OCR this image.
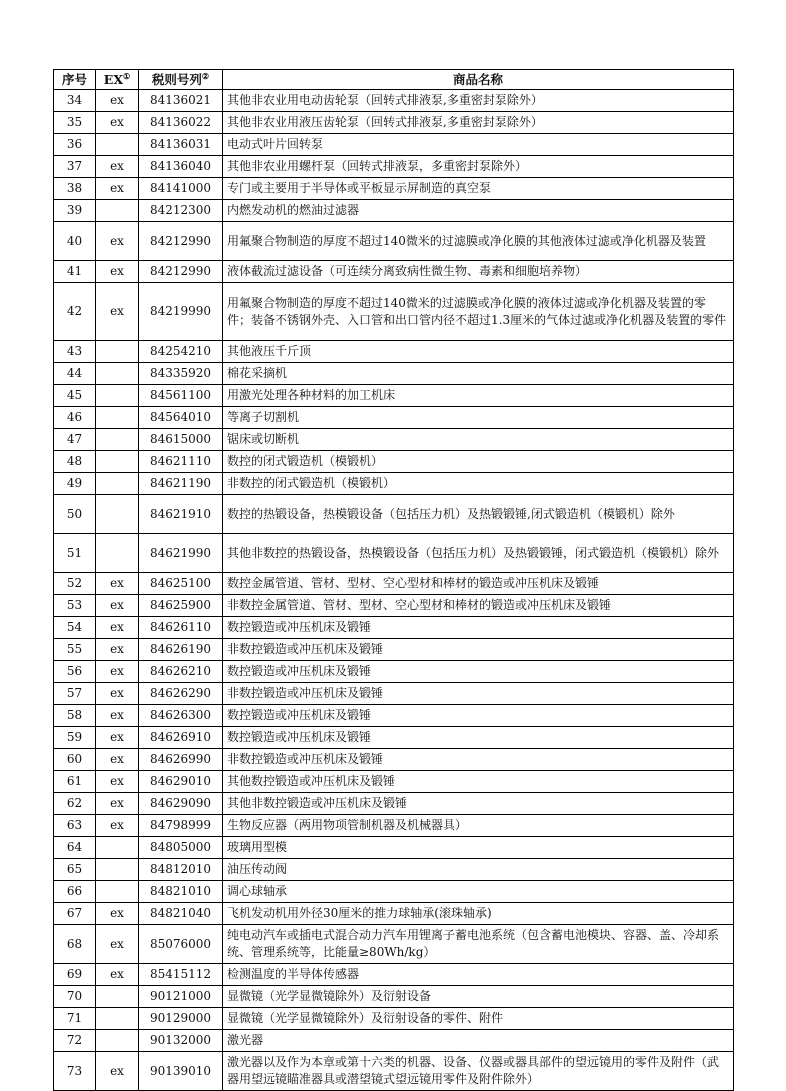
序号	EX①	税则号列②	商品名称
34	ex	84136021	其他非农业用电动齿轮泵（回转式排液泵,多重密封泵除外）
35	ex	84136022	其他非农业用液压齿轮泵（回转式排液泵,多重密封泵除外）
36		84136031	电动式叶片回转泵
37	ex	84136040	其他非农业用螺杆泵（回转式排液泵，多重密封泵除外）
38	ex	84141000	专门或主要用于半导体或平板显示屏制造的真空泵
39		84212300	内燃发动机的燃油过滤器
40	ex	84212990	用氟聚合物制造的厚度不超过140微米的过滤膜或净化膜的其他液体过滤或净化机器及装置
41	ex	84212990	液体截流过滤设备（可连续分离致病性微生物、毒素和细胞培养物）
42	ex	84219990	用氟聚合物制造的厚度不超过140微米的过滤膜或净化膜的液体过滤或净化机器及装置的零件；装备不锈钢外壳、入口管和出口管内径不超过1.3厘米的气体过滤或净化机器及装置的零件
43		84254210	其他液压千斤顶
44		84335920	棉花采摘机
45		84561100	用激光处理各种材料的加工机床
46		84564010	等离子切割机
47		84615000	锯床或切断机
48		84621110	数控的闭式锻造机（模锻机）
49		84621190	非数控的闭式锻造机（模锻机）
50		84621910	数控的热锻设备，热模锻设备（包括压力机）及热锻锻锤,闭式锻造机（模锻机）除外
51		84621990	其他非数控的热锻设备，热模锻设备（包括压力机）及热锻锻锤，闭式锻造机（模锻机）除外
52	ex	84625100	数控金属管道、管材、型材、空心型材和棒材的锻造或冲压机床及锻锤
53	ex	84625900	非数控金属管道、管材、型材、空心型材和棒材的锻造或冲压机床及锻锤
54	ex	84626110	数控锻造或冲压机床及锻锤
55	ex	84626190	非数控锻造或冲压机床及锻锤
56	ex	84626210	数控锻造或冲压机床及锻锤
57	ex	84626290	非数控锻造或冲压机床及锻锤
58	ex	84626300	数控锻造或冲压机床及锻锤
59	ex	84626910	数控锻造或冲压机床及锻锤
60	ex	84626990	非数控锻造或冲压机床及锻锤
61	ex	84629010	其他数控锻造或冲压机床及锻锤
62	ex	84629090	其他非数控锻造或冲压机床及锻锤
63	ex	84798999	生物反应器（两用物项管制机器及机械器具）
64		84805000	玻璃用型模
65		84812010	油压传动阀
66		84821010	调心球轴承
67	ex	84821040	飞机发动机用外径30厘米的推力球轴承(滚珠轴承)
68	ex	85076000	纯电动汽车或插电式混合动力汽车用锂离子蓄电池系统（包含蓄电池模块、容器、盖、冷却系统、管理系统等，比能量≥80Wh/kg）
69	ex	85415112	检测温度的半导体传感器
70		90121000	显微镜（光学显微镜除外）及衍射设备
71		90129000	显微镜（光学显微镜除外）及衍射设备的零件、附件
72		90132000	激光器
73	ex	90139010	激光器以及作为本章或第十六类的机器、设备、仪器或器具部件的望远镜用的零件及附件（武器用望远镜瞄准器具或潜望镜式望远镜用零件及附件除外）
